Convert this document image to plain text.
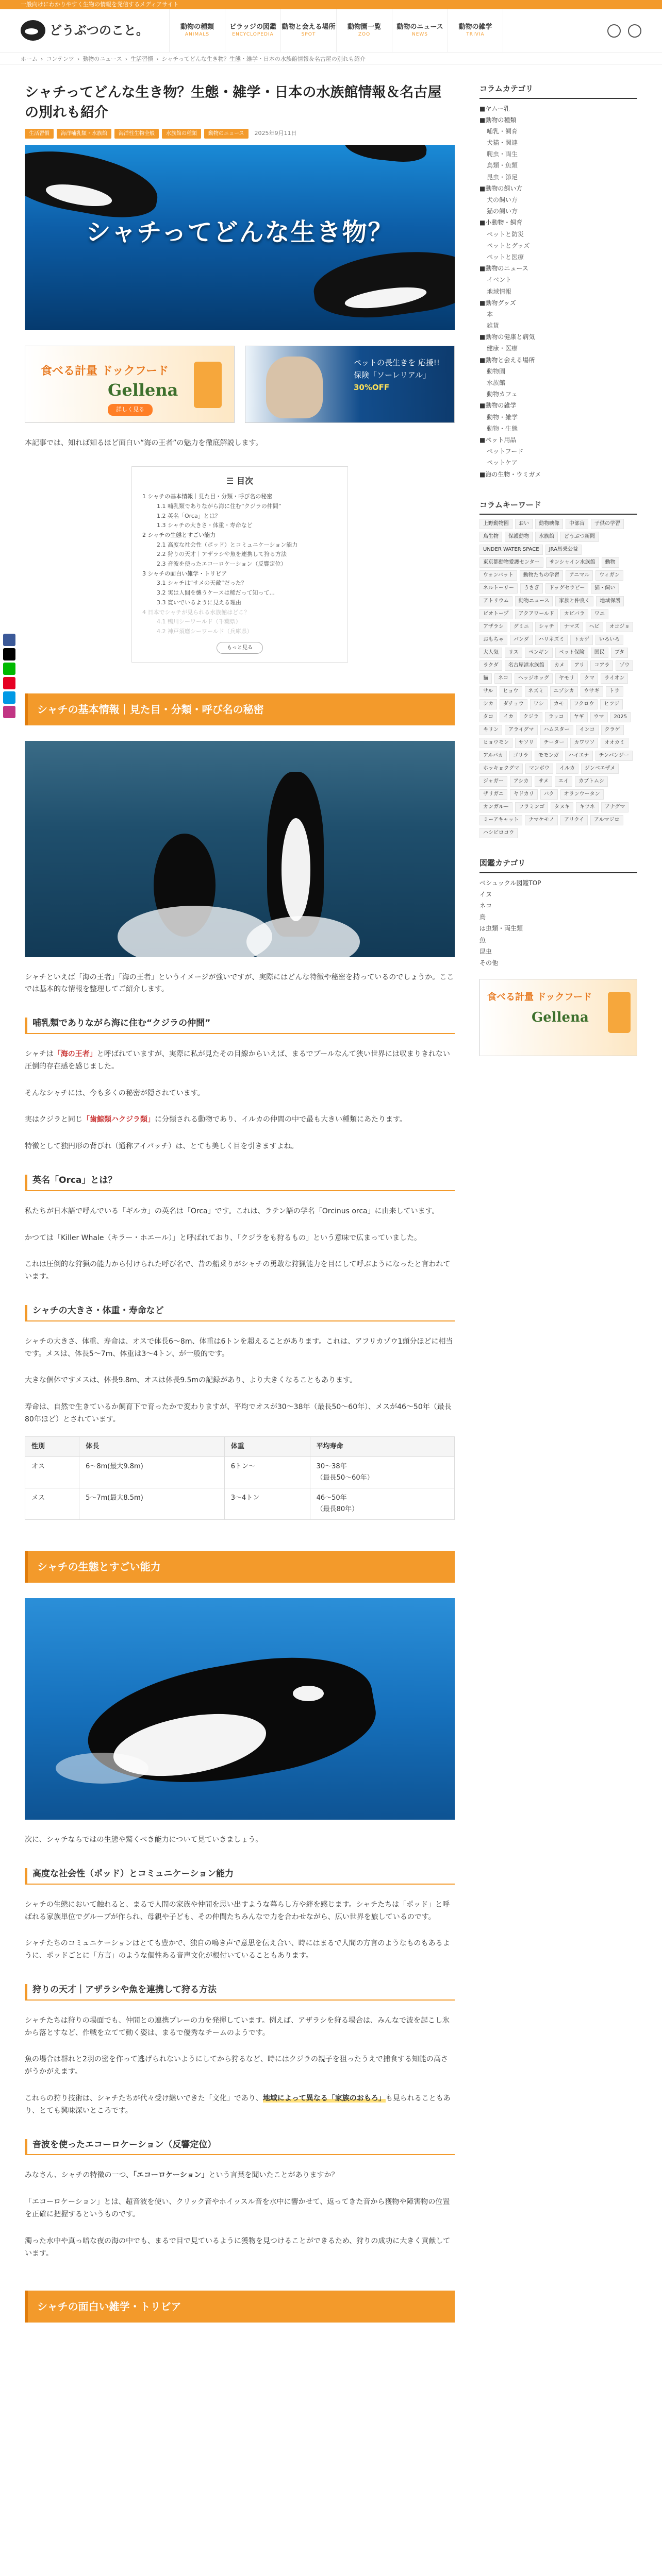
一般向けにわかりやすく生物の情報を発信するメディアサイト
どうぶつのこと。	動物の種類
ANIMALS
ビラッジの図鑑
ENCYCLOPEDIA
動物と会える場所
SPOT
動物園一覧
ZOO
動物のニュース
NEWS
動物の雑学
TRIVIA
ホーム › コンテンツ › 動物のニュース › 生活習慣 › シャチってどんな生き物？生態・雑学・日本の水族館情報＆名古屋の別れも紹介
シャチってどんな生き物？生態・雑学・日本の水族館情報＆名古屋の別れも紹介
生活習慣	海洋哺乳類・水族館	海洋性生物全般	水族館の種類	動物のニュース	2025年9月11日
シャチってどんな生き物？
食べる計量 ドックフード
Gellena
詳しく見る
ペットの長生きを 応援!!
保険「ソーレリアル」
30%OFF

本記事では、知れば知るほど面白い“海の王者”の魅力を徹底解説します。

☰ 目次
1 シャチの基本情報｜見た目・分類・呼び名の秘密
1.1 哺乳類でありながら海に住む“クジラの仲間”
1.2 英名「Orca」とは？
1.3 シャチの大きさ・体重・寿命など
2 シャチの生態とすごい能力
2.1 高度な社会性（ポッド）とコミュニケーション能力
2.2 狩りの天才｜アザラシや魚を連携して狩る方法
2.3 音波を使ったエコーロケーション（反響定位）
3 シャチの面白い雑学・トリビア
3.1 シャチは“サメの天敵”だった？
3.2 実は人間を襲うケースは稀だって知って...
3.3 寛いでいるように見える理由
4 日本でシャチが見られる水族館はどこ？
4.1 鴨川シーワールド（千葉県）
4.2 神戸須磨シーワールド（兵庫県）
もっと見る
シャチの基本情報｜見た目・分類・呼び名の秘密

シャチといえば「海の王者」「海の王者」というイメージが強いですが、実際にはどんな特徴や秘密を持っているのでしょうか。ここでは基本的な情報を整理してご紹介します。

哺乳類でありながら海に住む“クジラの仲間”

シャチは「海の王者」と呼ばれていますが、実際に私が見たその目線からいえば、まるでプールなんて狭い世界には収まりきれない圧倒的存在感を感じました。

そんなシャチには、今も多くの秘密が隠されています。

実はクジラと同じ「歯鯨類ハクジラ類」に分類される動物であり、イルカの仲間の中で最も大きい種類にあたります。

特徴として独円形の背びれ（通称アイパッチ）は、とても美しく目を引きますよね。

英名「Orca」とは？

私たちが日本語で呼んでいる「ギルカ」の英名は「Orca」です。これは、ラテン語の学名「Orcinus orca」に由来しています。

かつては「Killer Whale（キラー・ホエール）」と呼ばれており、「クジラをも狩るもの」という意味で広まっていました。

これは圧倒的な狩猟の能力から付けられた呼び名で、昔の船乗りがシャチの勇敢な狩猟能力を目にして呼ぶようになったと言われています。

シャチの大きさ・体重・寿命など

シャチの大きさ、体重、寿命は、オスで体長6〜8m、体重は6トンを超えることがあります。これは、アフリカゾウ1頭分ほどに相当です。メスは、体長5〜7m、体重は3〜4トン、が一般的です。

大きな個体ですメスは、体長9.8m、オスは体長9.5mの記録があり、より大きくなることもあります。

寿命は、自然で生きているか飼育下で育ったかで変わりますが、平均でオスが30〜38年（最長50〜60年）、メスが46〜50年（最長80年ほど）とされています。

性別	体長	体重	平均寿命
オス	6〜8m(最大9.8m)	6トン〜	30〜38年
（最長50〜60年）
メス	5〜7m(最大8.5m)	3〜4トン	46〜50年
（最長80年）
シャチの生態とすごい能力

次に、シャチならではの生態や驚くべき能力について見ていきましょう。

高度な社会性（ポッド）とコミュニケーション能力

シャチの生態において触れると、まるで人間の家族や仲間を思い出すような暮らし方や絆を感じます。シャチたちは「ポッド」と呼ばれる家族単位でグループが作られ、母親や子ども、その仲間たちみんなで力を合わせながら、広い世界を旅しているのです。

シャチたちのコミュニケーションはとても豊かで、独自の鳴き声で意思を伝え合い、時にはまるで人間の方言のようなものもあるように、ポッドごとに「方言」のような個性ある音声文化が根付いていることもあります。

狩りの天才｜アザラシや魚を連携して狩る方法

シャチたちは狩りの場面でも、仲間との連携プレーの力を発揮しています。例えば、アザラシを狩る場合は、みんなで波を起こし氷から落とすなど、作戦を立てて動く姿は、まるで優秀なチームのようです。

魚の場合は群れと2羽の密を作って逃げられないようにしてから狩るなど、時にはクジラの親子を狙ったうえで捕食する知能の高さがうかがえます。

これらの狩り技術は、シャチたちが代々受け継いできた「文化」であり、地域によって異なる「家族のおもろ」も見られることもあり、とても興味深いところです。

音波を使ったエコーロケーション（反響定位）

みなさん、シャチの特徴の一つ、「エコーロケーション」という言葉を聞いたことがありますか？

「エコーロケーション」とは、超音波を使い、クリック音やホイッスル音を水中に響かせて、返ってきた音から獲物や障害物の位置を正確に把握するというものです。

濁った水中や真っ暗な夜の海の中でも、まるで目で見ているように獲物を見つけることができるため、狩りの成功に大きく貢献しています。

シャチの面白い雑学・トリビア
コラムカテゴリ
■ヤムー乳
■動物の種類
哺乳・飼育
犬猫・関連
爬虫・両生
鳥類・魚類
昆虫・節足
■動物の飼い方
犬の飼い方
猫の飼い方
■小動物・飼育
ペットと防災
ペットとグッズ
ペットと医療
■動物のニュース
イベント
地域情報
■動物グッズ
本
雑貨
■動物の健康と病気
健康・医療
■動物と会える場所
動物園
水族館
動物カフェ
■動物の雑学
動物・雑学
動物・生態
■ペット用品
ペットフード
ペットケア
■海の生物・ウミガメ
コラムキーワード
上野動物園	おい	動物映像	中部盲	子供の学習
鳥生物	保護動物	水族館	どうぶつ新聞
UNDER WATER SPACE	JRA馬乗公益
東京都動物愛護センター	サンシャイン水族館	動物
ウォンバット	動物たちの学習	アニマル	ウィガン
ネルトーリー	うさぎ	ドッグセラピー	猫・飼い
アトリウム	動物ニュース	家族と仲良く	地域保護
ビオトープ	アクアワールド	カピバラ	ワニ
アザラシ	グミニ	シャチ	ナマズ	ヘビ	オコジョ
おもちゃ	パンダ	ハリネズミ	トカゲ	いろいろ
大人気	リス	ペンギン	ペット保険	国民	ブタ
ラクダ	名古屋港水族館	カメ	アリ	コアラ	ゾウ
猫	ネコ	ヘッジホッグ	ヤモリ	クマ	ライオン
サル	ヒョウ	ネズミ	エゾシカ	ウサギ	トラ
シカ	ダチョウ	ワシ	カモ	フクロウ	ヒツジ
タコ	イカ	クジラ	ラッコ	ヤギ	ウマ	2025
キリン	アライグマ	ハムスター	インコ	クラゲ
ヒョウモン	サソリ	チーター	カワウソ	オオカミ
アルパカ	ゴリラ	モモンガ	ハイエナ	チンパンジー
ホッキョクグマ	マンボウ	イルカ	ジンベエザメ
ジャガー	アシカ	サメ	エイ	カブトムシ
ザリガニ	ヤドカリ	バク	オランウータン
カンガルー	フラミンゴ	タヌキ	キツネ	アナグマ
ミーアキャット	ナマケモノ	アリクイ	アルマジロ
ハシビロコウ
図鑑カテゴリ
ベシュックル図鑑TOP
イヌ
ネコ
鳥
は虫類・両生類
魚
昆虫
その他
食べる計量 ドックフード
Gellena
